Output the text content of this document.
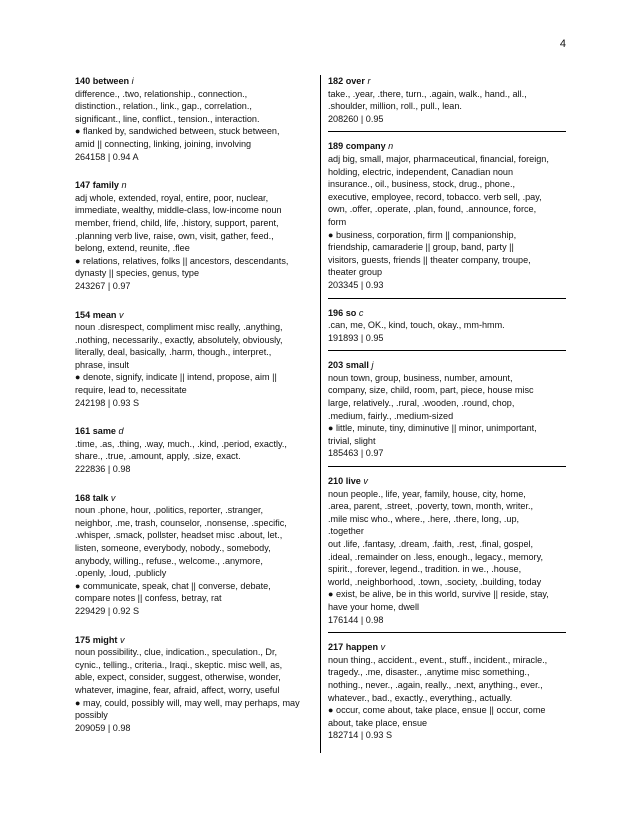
4
140 between i
difference., .two, relationship., connection.,
distinction., relation., link., gap., correlation.,
significant., line, conflict., tension., interaction.
● flanked by, sandwiched between, stuck between,
amid || connecting, linking, joining, involving
264158 | 0.94 A
147 family n
adj whole, extended, royal, entire, poor, nuclear,
immediate, wealthy, middle-class, low-income noun
member, friend, child, life, .history, support, parent,
.planning verb live, raise, own, visit, gather, feed.,
belong, extend, reunite, .flee
● relations, relatives, folks || ancestors, descendants,
dynasty || species, genus, type
243267 | 0.97
154 mean v
noun .disrespect, compliment misc really, .anything,
.nothing, necessarily., exactly, absolutely, obviously,
literally, deal, basically, .harm, though., interpret.,
phrase, insult
● denote, signify, indicate || intend, propose, aim ||
require, lead to, necessitate
242198 | 0.93 S
161 same d
.time, .as, .thing, .way, much., .kind, .period, exactly.,
share., .true, .amount, apply, .size, exact.
222836 | 0.98
168 talk v
noun .phone, hour, .politics, reporter, .stranger,
neighbor, .me, trash, counselor, .nonsense, .specific,
.whisper, .smack, pollster, headset misc .about, let.,
listen, someone, everybody, nobody., somebody,
anybody, willing., refuse., welcome., .anymore,
.openly, .loud, .publicly
● communicate, speak, chat || converse, debate,
compare notes || confess, betray, rat
229429 | 0.92 S
175 might v
noun possibility., clue, indication., speculation., Dr,
cynic., telling., criteria., Iraqi., skeptic. misc well, as,
able, expect, consider, suggest, otherwise, wonder,
whatever, imagine, fear, afraid, affect, worry, useful
● may, could, possibly will, may well, may perhaps, may
possibly
209059 | 0.98
182 over r
take., .year, .there, turn., .again, walk., hand., all.,
.shoulder, million, roll., pull., lean.
208260 | 0.95
189 company n
adj big, small, major, pharmaceutical, financial, foreign,
holding, electric, independent, Canadian noun
insurance., oil., business, stock, drug., phone.,
executive, employee, record, tobacco. verb sell, .pay,
own, .offer, .operate, .plan, found, .announce, force,
form
● business, corporation, firm || companionship,
friendship, camaraderie || group, band, party ||
visitors, guests, friends || theater company, troupe,
theater group
203345 | 0.93
196 so c
.can, me, OK., kind, touch, okay., mm-hmm.
191893 | 0.95
203 small j
noun town, group, business, number, amount,
company, size, child, room, part, piece, house misc
large, relatively., .rural, .wooden, .round, chop,
.medium, fairly., .medium-sized
● little, minute, tiny, diminutive || minor, unimportant,
trivial, slight
185463 | 0.97
210 live v
noun people., life, year, family, house, city, home,
.area, parent, .street, .poverty, town, month, writer.,
.mile misc who., where., .here, .there, long, .up,
.together
out .life, .fantasy, .dream, .faith, .rest, .final, gospel,
.ideal, .remainder on .less, enough., legacy., memory,
spirit., .forever, legend., tradition. in we., .house,
world, .neighborhood, .town, .society, .building, today
● exist, be alive, be in this world, survive || reside, stay,
have your home, dwell
176144 | 0.98
217 happen v
noun thing., accident., event., stuff., incident., miracle.,
tragedy., .me, disaster., .anytime misc something.,
nothing., never., .again, really., .next, anything., ever.,
whatever., bad., exactly., everything., actually.
● occur, come about, take place, ensue || occur, come
about, take place, ensue
182714 | 0.93 S
